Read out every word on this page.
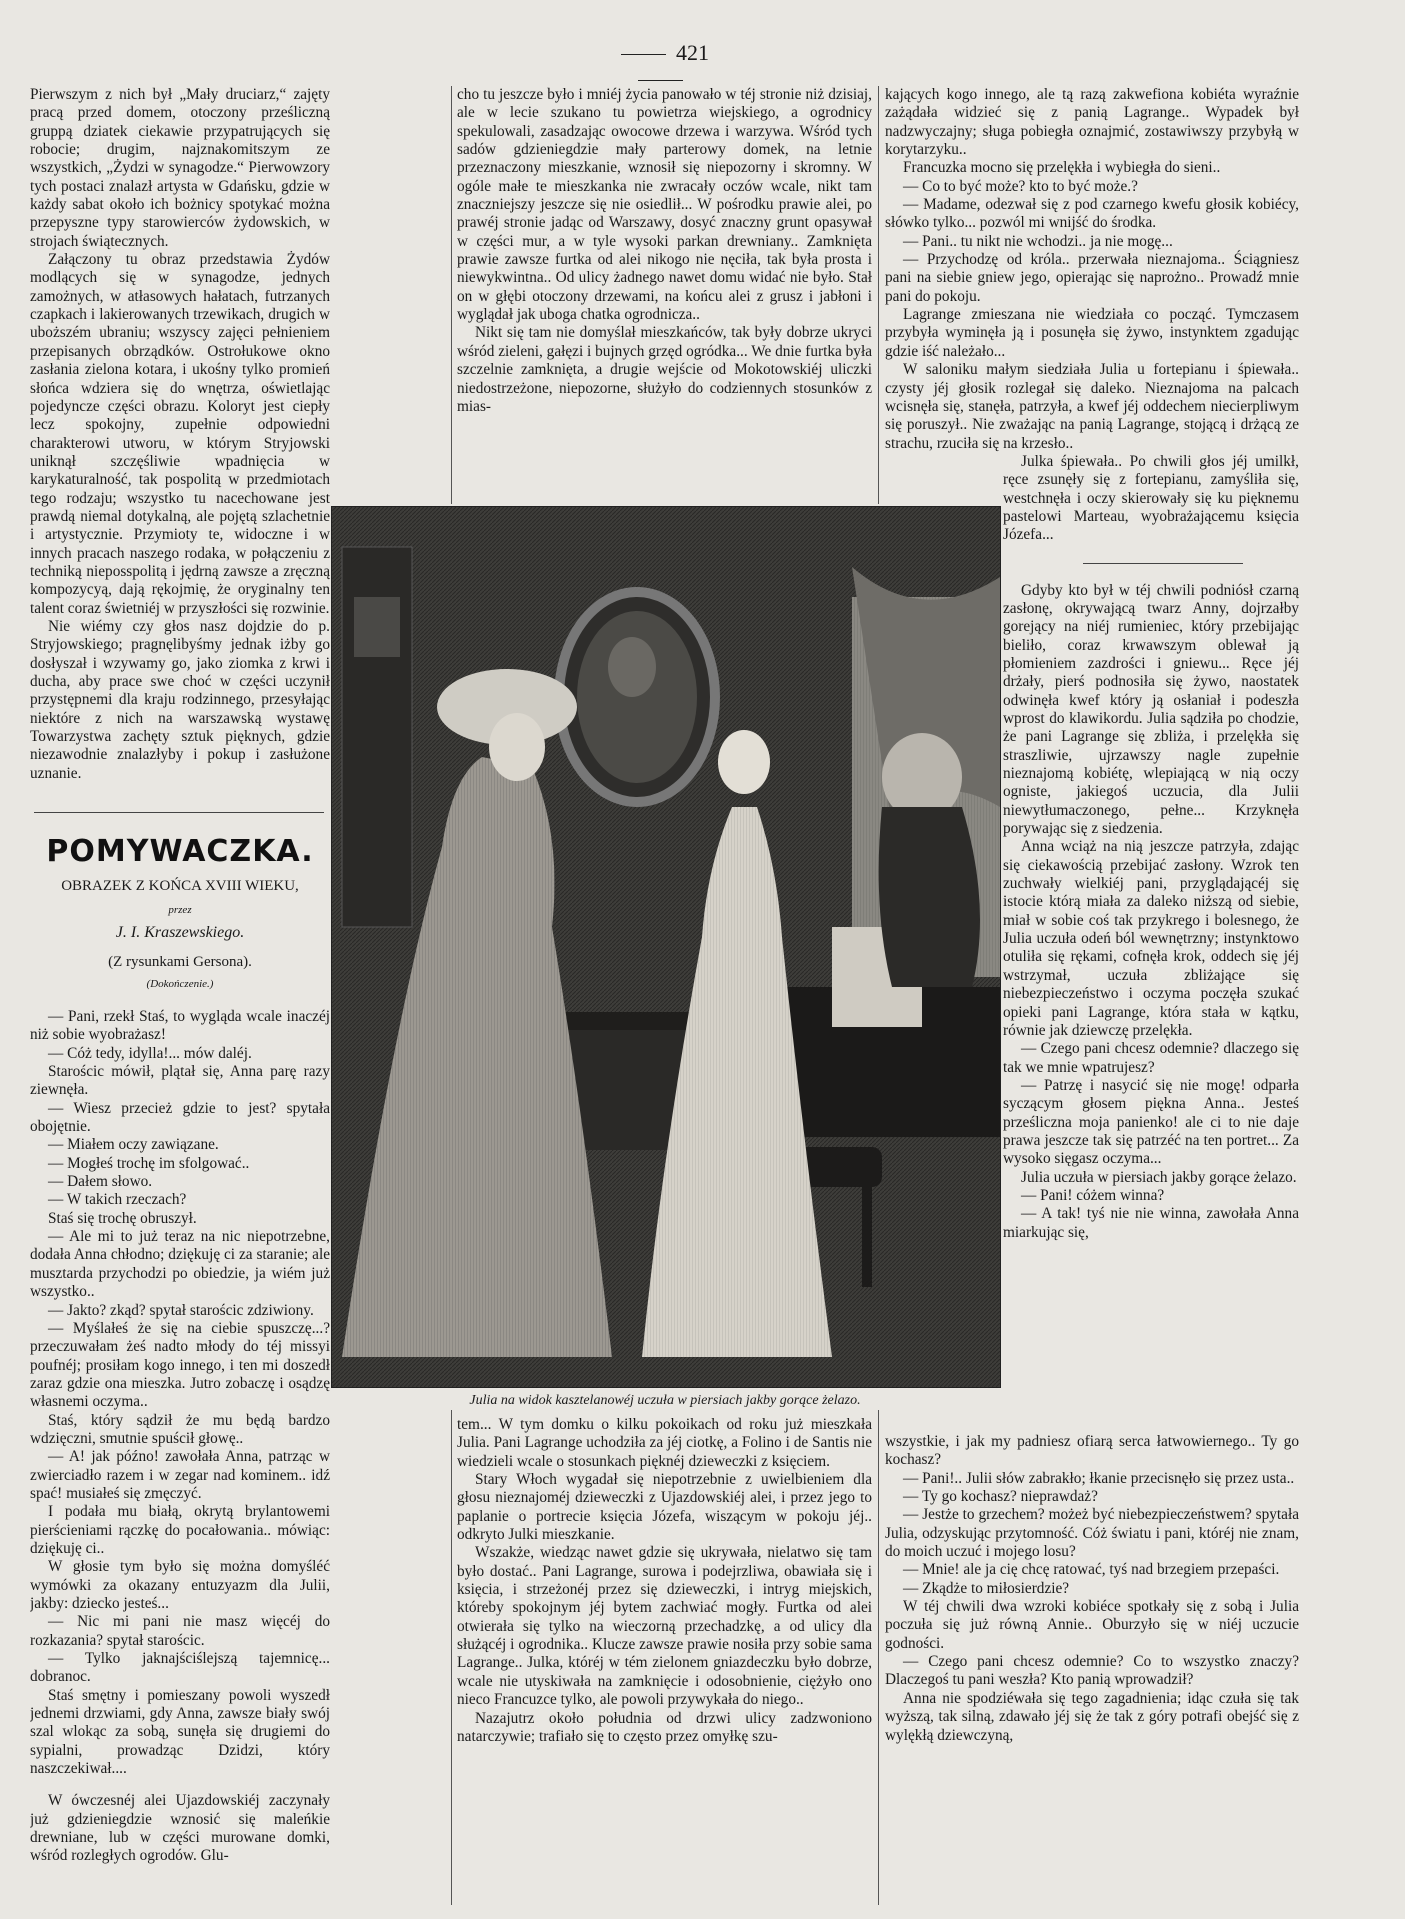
421

Pierwszym z nich był „Mały druciarz,“ zajęty pracą przed domem, otoczony prześliczną gruppą dziatek ciekawie przypatrujących się robocie; drugim, najznakomitszym ze wszystkich, „Żydzi w synagodze.“ Pierwowzory tych postaci znalazł artysta w Gdańsku, gdzie w każdy sabat około ich bożnicy spotykać można przepyszne typy starowierców żydowskich, w strojach świątecznych.

Załączony tu obraz przedstawia Żydów modlących się w synagodze, jednych zamożnych, w atłasowych hałatach, futrzanych czapkach i lakierowanych trzewikach, drugich w uboższém ubraniu; wszyscy zajęci pełnieniem przepisanych obrządków. Ostrołukowe okno zasłania zielona kotara, i ukośny tylko promień słońca wdziera się do wnętrza, oświetlając pojedyncze części obrazu. Koloryt jest ciepły lecz spokojny, zupełnie odpowiedni charakterowi utworu, w którym Stryjowski uniknął szczęśliwie wpadnięcia w karykaturalność, tak pospolitą w przedmiotach tego rodzaju; wszystko tu nacechowane jest prawdą niemal dotykalną, ale pojętą szlachetnie i artystycznie. Przymioty te, widoczne i w innych pracach naszego rodaka, w połączeniu z techniką nieposspolitą i jędrną zawsze a zręczną kompozycyą, dają rękojmię, że oryginalny ten talent coraz świetniéj w przyszłości się rozwinie.

Nie wiémy czy głos nasz dojdzie do p. Stryjowskiego; pragnęlibyśmy jednak iżby go dosłyszał i wzywamy go, jako ziomka z krwi i ducha, aby prace swe choć w części uczynił przystępnemi dla kraju rodzinnego, przesyłając niektóre z nich na warszawską wystawę Towarzystwa zachęty sztuk pięknych, gdzie niezawodnie znalazłyby i pokup i zasłużone uznanie.

POMYWACZKA.
OBRAZEK Z KOŃCA XVIII WIEKU,
przez
J. I. Kraszewskiego.
(Z rysunkami Gersona).
(Dokończenie.)

— Pani, rzekł Staś, to wygląda wcale inaczéj niż sobie wyobrażasz!

— Cóż tedy, idylla!... mów daléj.

Starościc mówił, plątał się, Anna parę razy ziewnęła.

— Wiesz przecież gdzie to jest? spytała obojętnie.

— Miałem oczy zawiązane.

— Mogłeś trochę im sfolgować..

— Dałem słowo.

— W takich rzeczach?

Staś się trochę obruszył.

— Ale mi to już teraz na nic niepotrzebne, dodała Anna chłodno; dziękuję ci za staranie; ale musztarda przychodzi po obiedzie, ja wiém już wszystko..

— Jakto? zkąd? spytał starościc zdziwiony.

— Myślałeś że się na ciebie spuszczę...? przeczuwałam żeś nadto młody do téj missyi poufnéj; prosiłam kogo innego, i ten mi doszedł zaraz gdzie ona mieszka. Jutro zobaczę i osądzę własnemi oczyma..

Staś, który sądził że mu będą bardzo wdzięczni, smutnie spuścił głowę..

— A! jak późno! zawołała Anna, patrząc w zwierciadło razem i w zegar nad kominem.. idź spać! musiałeś się zmęczyć.

I podała mu białą, okrytą brylantowemi pierścieniami rączkę do pocałowania.. mówiąc: dziękuję ci..

W głosie tym było się można domyśléć wymówki za okazany entuzyazm dla Julii, jakby: dziecko jesteś...

— Nic mi pani nie masz więcéj do rozkazania? spytał starościc.

— Tylko jaknajściślejszą tajemnicę... dobranoc.

Staś smętny i pomieszany powoli wyszedł jednemi drzwiami, gdy Anna, zawsze biały swój szal wlokąc za sobą, sunęła się drugiemi do sypialni, prowadząc Dzidzi, który naszczekiwał....

W ówczesnéj alei Ujazdowskiéj zaczynały już gdzieniegdzie wznosić się maleńkie drewniane, lub w części murowane domki, wśród rozległych ogrodów. Glu-

cho tu jeszcze było i mniéj życia panowało w téj stronie niż dzisiaj, ale w lecie szukano tu powietrza wiejskiego, a ogrodnicy spekulowali, zasadzając owocowe drzewa i warzywa. Wśród tych sadów gdzieniegdzie mały parterowy domek, na letnie przeznaczony mieszkanie, wznosił się niepozorny i skromny. W ogóle małe te mieszkanka nie zwracały oczów wcale, nikt tam znaczniejszy jeszcze się nie osiedlił... W pośrodku prawie alei, po prawéj stronie jadąc od Warszawy, dosyć znaczny grunt opasywał w części mur, a w tyle wysoki parkan drewniany.. Zamknięta prawie zawsze furtka od alei nikogo nie nęciła, tak była prosta i niewykwintna.. Od ulicy żadnego nawet domu widać nie było. Stał on w głębi otoczony drzewami, na końcu alei z grusz i jabłoni i wyglądał jak uboga chatka ogrodnicza..

Nikt się tam nie domyślał mieszkańców, tak były dobrze ukryci wśród zieleni, gałęzi i bujnych grzęd ogródka... We dnie furtka była szczelnie zamknięta, a drugie wejście od Mokotowskiéj uliczki niedostrzeżone, niepozorne, służyło do codziennych stosunków z mias-

kających kogo innego, ale tą razą zakwefiona kobiéta wyraźnie zażądała widzieć się z panią Lagrange.. Wypadek był nadzwyczajny; sługa pobiegła oznajmić, zostawiwszy przybyłą w korytarzyku..

Francuzka mocno się przelękła i wybiegła do sieni..

— Co to być może? kto to być może.?

— Madame, odezwał się z pod czarnego kwefu głosik kobiécy, słówko tylko... pozwól mi wnijść do środka.

— Pani.. tu nikt nie wchodzi.. ja nie mogę...

— Przychodzę od króla.. przerwała nieznajoma.. Ściągniesz pani na siebie gniew jego, opierając się naprożno.. Prowadź mnie pani do pokoju.

Lagrange zmieszana nie wiedziała co począć. Tymczasem przybyła wyminęła ją i posunęła się żywo, instynktem zgadując gdzie iść należało...

W saloniku małym siedziała Julia u fortepianu i śpiewała.. czysty jéj głosik rozlegał się daleko. Nieznajoma na palcach wcisnęła się, stanęła, patrzyła, a kwef jéj oddechem niecierpliwym się poruszył.. Nie zważając na panią Lagrange, stojącą i drżącą ze strachu, rzuciła się na krzesło..

Julka śpiewała.. Po chwili głos jéj umilkł, ręce zsunęły się z fortepianu, zamyśliła się, westchnęła i oczy skierowały się ku pięknemu pastelowi Marteau, wyobrażającemu księcia Józefa...

Gdyby kto był w téj chwili podniósł czarną zasłonę, okrywającą twarz Anny, dojrzałby gorejący na niéj rumieniec, który przebijając bieliło, coraz krwawszym oblewał ją płomieniem zazdrości i gniewu... Ręce jéj drżały, pierś podnosiła się żywo, naostatek odwinęła kwef który ją osłaniał i podeszła wprost do klawikordu. Julia sądziła po chodzie, że pani Lagrange się zbliża, i przelękła się straszliwie, ujrzawszy nagle zupełnie nieznajomą kobiétę, wlepiającą w nią oczy ogniste, jakiegoś uczucia, dla Julii niewytłumaczonego, pełne... Krzyknęła porywając się z siedzenia.

Anna wciąż na nią jeszcze patrzyła, zdając się ciekawością przebijać zasłony. Wzrok ten zuchwały wielkiéj pani, przyglądającéj się istocie którą miała za daleko niższą od siebie, miał w sobie coś tak przykrego i bolesnego, że Julia uczuła odeń ból wewnętrzny; instynktowo otuliła się rękami, cofnęła krok, oddech się jéj wstrzymał, uczuła zbliżające się niebezpieczeństwo i oczyma poczęła szukać opieki pani Lagrange, która stała w kątku, równie jak dziewczę przelękła.

— Czego pani chcesz odemnie? dlaczego się tak we mnie wpatrujesz?

— Patrzę i nasycić się nie mogę! odparła syczącym głosem piękna Anna.. Jesteś prześliczna moja panienko! ale ci to nie daje prawa jeszcze tak się patrzéć na ten portret... Za wysoko sięgasz oczyma...

Julia uczuła w piersiach jakby gorące żelazo.

— Pani! cóżem winna?

— A tak! tyś nie nie winna, zawołała Anna miarkując się,

Julia na widok kasztelanowéj uczuła w piersiach jakby gorące żelazo.

tem... W tym domku o kilku pokoikach od roku już mieszkała Julia. Pani Lagrange uchodziła za jéj ciotkę, a Folino i de Santis nie wiedzieli wcale o stosunkach pięknéj dzieweczki z księciem.

Stary Włoch wygadał się niepotrzebnie z uwielbieniem dla głosu nieznajoméj dzieweczki z Ujazdowskiéj alei, i przez jego to paplanie o portrecie księcia Józefa, wiszącym w pokoju jéj.. odkryto Julki mieszkanie.

Wszakże, wiedząc nawet gdzie się ukrywała, nielatwo się tam było dostać.. Pani Lagrange, surowa i podejrzliwa, obawiała się i księcia, i strzeżonéj przez się dzieweczki, i intryg miejskich, któreby spokojnym jéj bytem zachwiać mogły. Furtka od alei otwierała się tylko na wieczorną przechadzkę, a od ulicy dla służącéj i ogrodnika.. Klucze zawsze prawie nosiła przy sobie sama Lagrange.. Julka, któréj w tém zielonem gniazdeczku było dobrze, wcale nie utyskiwała na zamknięcie i odosobnienie, ciężyło ono nieco Francuzce tylko, ale powoli przywykała do niego..

Nazajutrz około południa od drzwi ulicy zadzwoniono natarczywie; trafiało się to często przez omyłkę szu-

wszystkie, i jak my padniesz ofiarą serca łatwowiernego.. Ty go kochasz?

— Pani!.. Julii słów zabrakło; łkanie przecisnęło się przez usta..

— Ty go kochasz? nieprawdaż?

— Jestże to grzechem? możeż być niebezpieczeństwem? spytała Julia, odzyskując przytomność. Cóż światu i pani, któréj nie znam, do moich uczuć i mojego losu?

— Mnie! ale ja cię chcę ratować, tyś nad brzegiem przepaści.

— Zkądże to miłosierdzie?

W téj chwili dwa wzroki kobiéce spotkały się z sobą i Julia poczuła się już równą Annie.. Oburzyło się w niéj uczucie godności.

— Czego pani chcesz odemnie? Co to wszystko znaczy? Dlaczegoś tu pani weszła? Kto panią wprowadził?

Anna nie spodziéwała się tego zagadnienia; idąc czuła się tak wyższą, tak silną, zdawało jéj się że tak z góry potrafi obejść się z wylękłą dziewczyną,
